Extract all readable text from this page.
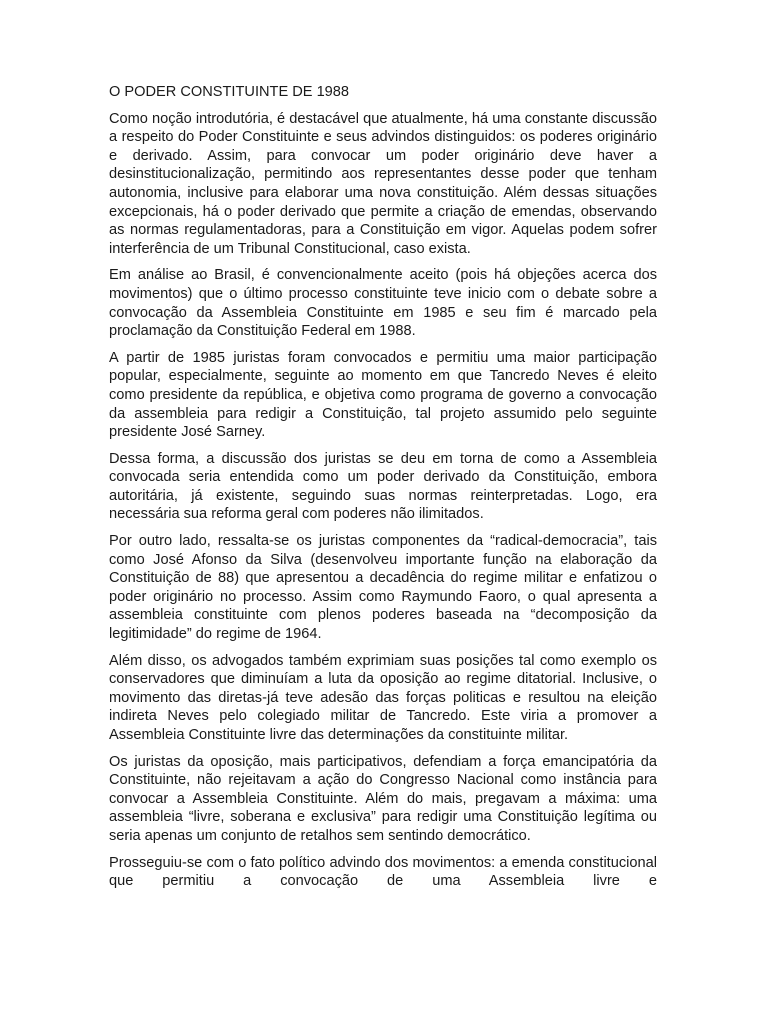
O PODER CONSTITUINTE DE 1988

Como noção introdutória, é destacável que atualmente, há uma constante discussão a respeito do Poder Constituinte e seus advindos distinguidos: os poderes originário e derivado. Assim, para convocar um poder originário deve haver a desinstitucionalização, permitindo aos representantes desse poder que tenham autonomia, inclusive para elaborar uma nova constituição. Além dessas situações excepcionais, há o poder derivado que permite a criação de emendas, observando as normas regulamentadoras, para a Constituição em vigor. Aquelas podem sofrer interferência de um Tribunal Constitucional, caso exista.

Em análise ao Brasil, é convencionalmente aceito (pois há objeções acerca dos movimentos) que o último processo constituinte teve inicio com o debate sobre a convocação da Assembleia Constituinte em 1985 e seu fim é marcado pela proclamação da Constituição Federal em 1988.

A partir de 1985 juristas foram convocados e permitiu uma maior participação popular, especialmente, seguinte ao momento em que Tancredo Neves é eleito como presidente da república, e objetiva como programa de governo a convocação da assembleia para redigir a Constituição, tal projeto assumido pelo seguinte presidente José Sarney.

Dessa forma, a discussão dos juristas se deu em torna de como a Assembleia convocada seria entendida como um poder derivado da Constituição, embora autoritária, já existente, seguindo suas normas reinterpretadas. Logo, era necessária sua reforma geral com poderes não ilimitados.

Por outro lado, ressalta-se os juristas componentes da “radical-democracia”, tais como José Afonso da Silva (desenvolveu importante função na elaboração da Constituição de 88) que apresentou a decadência do regime militar e enfatizou o poder originário no processo. Assim como Raymundo Faoro, o qual apresenta a assembleia constituinte com plenos poderes baseada na “decomposição da legitimidade” do regime de 1964.

Além disso, os advogados também exprimiam suas posições tal como exemplo os conservadores que diminuíam a luta da oposição ao regime ditatorial. Inclusive, o movimento das diretas-já teve adesão das forças politicas e resultou na eleição indireta Neves pelo colegiado militar de Tancredo. Este viria a promover a Assembleia Constituinte livre das determinações da constituinte militar.

Os juristas da oposição, mais participativos, defendiam a força emancipatória da Constituinte, não rejeitavam a ação do Congresso Nacional como instância para convocar a Assembleia Constituinte. Além do mais, pregavam a máxima: uma assembleia “livre, soberana e exclusiva” para redigir uma Constituição legítima ou seria apenas um conjunto de retalhos sem sentindo democrático.

Prosseguiu-se com o fato político advindo dos movimentos: a emenda constitucional que permitiu a convocação de uma Assembleia livre e
